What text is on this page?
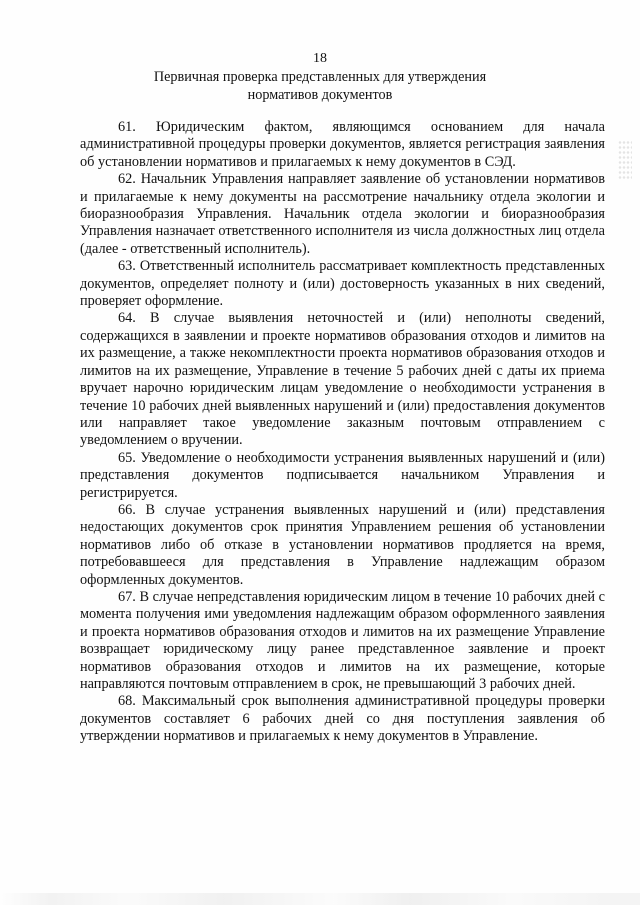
18
Первичная проверка представленных для утверждения нормативов документов

61. Юридическим фактом, являющимся основанием для начала административной процедуры проверки документов, является регистрация заявления об установлении нормативов и прилагаемых к нему документов в СЭД.

62. Начальник Управления направляет заявление об установлении нормативов и прилагаемые к нему документы на рассмотрение начальнику отдела экологии и биоразнообразия Управления. Начальник отдела экологии и биоразнообразия Управления назначает ответственного исполнителя из числа должностных лиц отдела (далее - ответственный исполнитель).

63. Ответственный исполнитель рассматривает комплектность представленных документов, определяет полноту и (или) достоверность указанных в них сведений, проверяет оформление.

64. В случае выявления неточностей и (или) неполноты сведений, содержащихся в заявлении и проекте нормативов образования отходов и лимитов на их размещение, а также некомплектности проекта нормативов образования отходов и лимитов на их размещение, Управление в течение 5 рабочих дней с даты их приема вручает нарочно юридическим лицам уведомление о необходимости устранения в течение 10 рабочих дней выявленных нарушений и (или) предоставления документов или направляет такое уведомление заказным почтовым отправлением с уведомлением о вручении.

65. Уведомление о необходимости устранения выявленных нарушений и (или) представления документов подписывается начальником Управления и регистрируется.

66. В случае устранения выявленных нарушений и (или) представления недостающих документов срок принятия Управлением решения об установлении нормативов либо об отказе в установлении нормативов продляется на время, потребовавшееся для представления в Управление надлежащим образом оформленных документов.

67. В случае непредставления юридическим лицом в течение 10 рабочих дней с момента получения ими уведомления надлежащим образом оформленного заявления и проекта нормативов образования отходов и лимитов на их размещение Управление возвращает юридическому лицу ранее представленное заявление и проект нормативов образования отходов и лимитов на их размещение, которые направляются почтовым отправлением в срок, не превышающий 3 рабочих дней.

68. Максимальный срок выполнения административной процедуры проверки документов составляет 6 рабочих дней со дня поступления заявления об утверждении нормативов и прилагаемых к нему документов в Управление.
